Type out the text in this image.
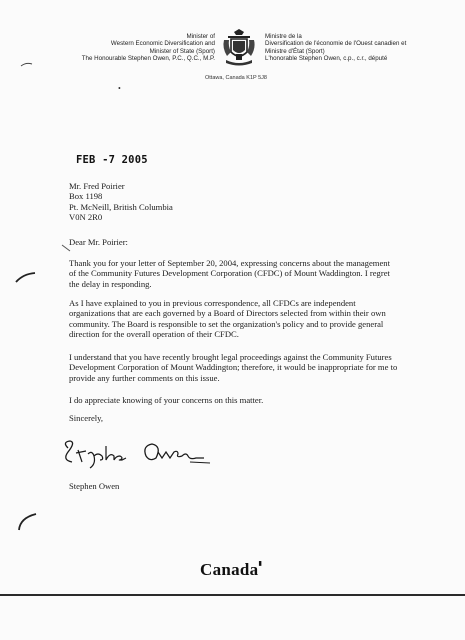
Minister of
Western Economic Diversification and
Minister of State (Sport)
The Honourable Stephen Owen, P.C., Q.C., M.P.
Ministre de la
Diversification de l'économie de l'Ouest canadien et
Ministre d'État (Sport)
L'honorable Stephen Owen, c.p., c.r., député
Ottawa, Canada K1P 5J8
•
FEB -7 2005
Mr. Fred Poirier
Box 1198
Pt. McNeill, British Columbia
V0N 2R0
Dear Mr. Poirier:
Thank you for your letter of September 20, 2004, expressing concerns about the management of the Community Futures Development Corporation (CFDC) of Mount Waddington. I regret the delay in responding.
As I have explained to you in previous correspondence, all CFDCs are independent organizations that are each governed by a Board of Directors selected from within their own community. The Board is responsible to set the organization's policy and to provide general direction for the overall operation of their CFDC.
I understand that you have recently brought legal proceedings against the Community Futures Development Corporation of Mount Waddington; therefore, it would be inappropriate for me to provide any further comments on this issue.
I do appreciate knowing of your concerns on this matter.
Sincerely,
Stephen Owen
Canada▮
